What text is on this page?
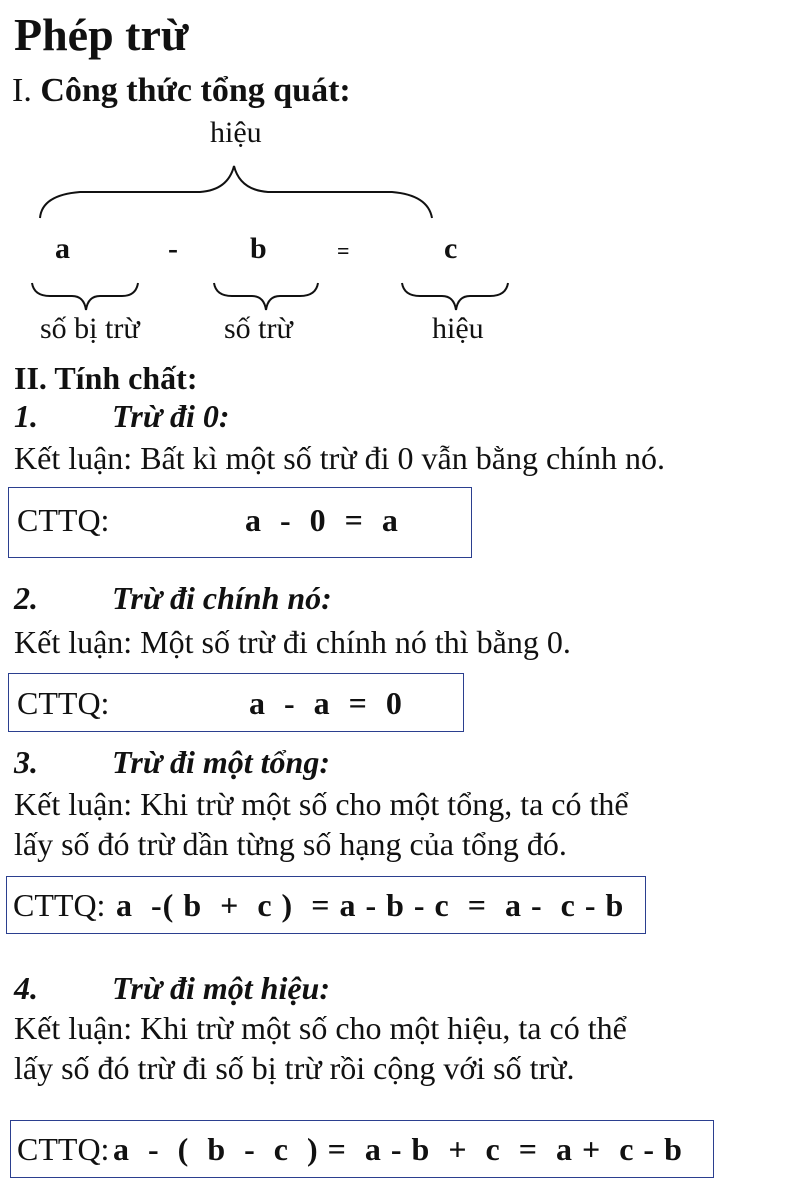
Phép trừ
I. Công thức tổng quát:
hiệu
a	- b	=	c
số bị trừ	số trừ	hiệu
II. Tính chất:
1. Trừ đi 0:
Kết luận: Bất kì một số trừ đi 0 vẫn bằng chính nó.
CTTQ:	a  -  0  =  a
2. Trừ đi chính nó:
Kết luận: Một số trừ đi chính nó thì bằng 0.
CTTQ:	a  -  a  =  0
3. Trừ đi một tổng:
Kết luận: Khi trừ một số cho một tổng, ta có thể
lấy số đó trừ dần từng số hạng của tổng đó.
CTTQ: a  -( b  +  c )  = a - b - c  =  a -  c - b
4. Trừ đi một hiệu:
Kết luận: Khi trừ một số cho một hiệu, ta có thể
lấy số đó trừ đi số bị trừ rồi cộng với số trừ.
CTTQ: a  -  (  b  -  c  ) =  a - b  +  c  =  a +  c - b
